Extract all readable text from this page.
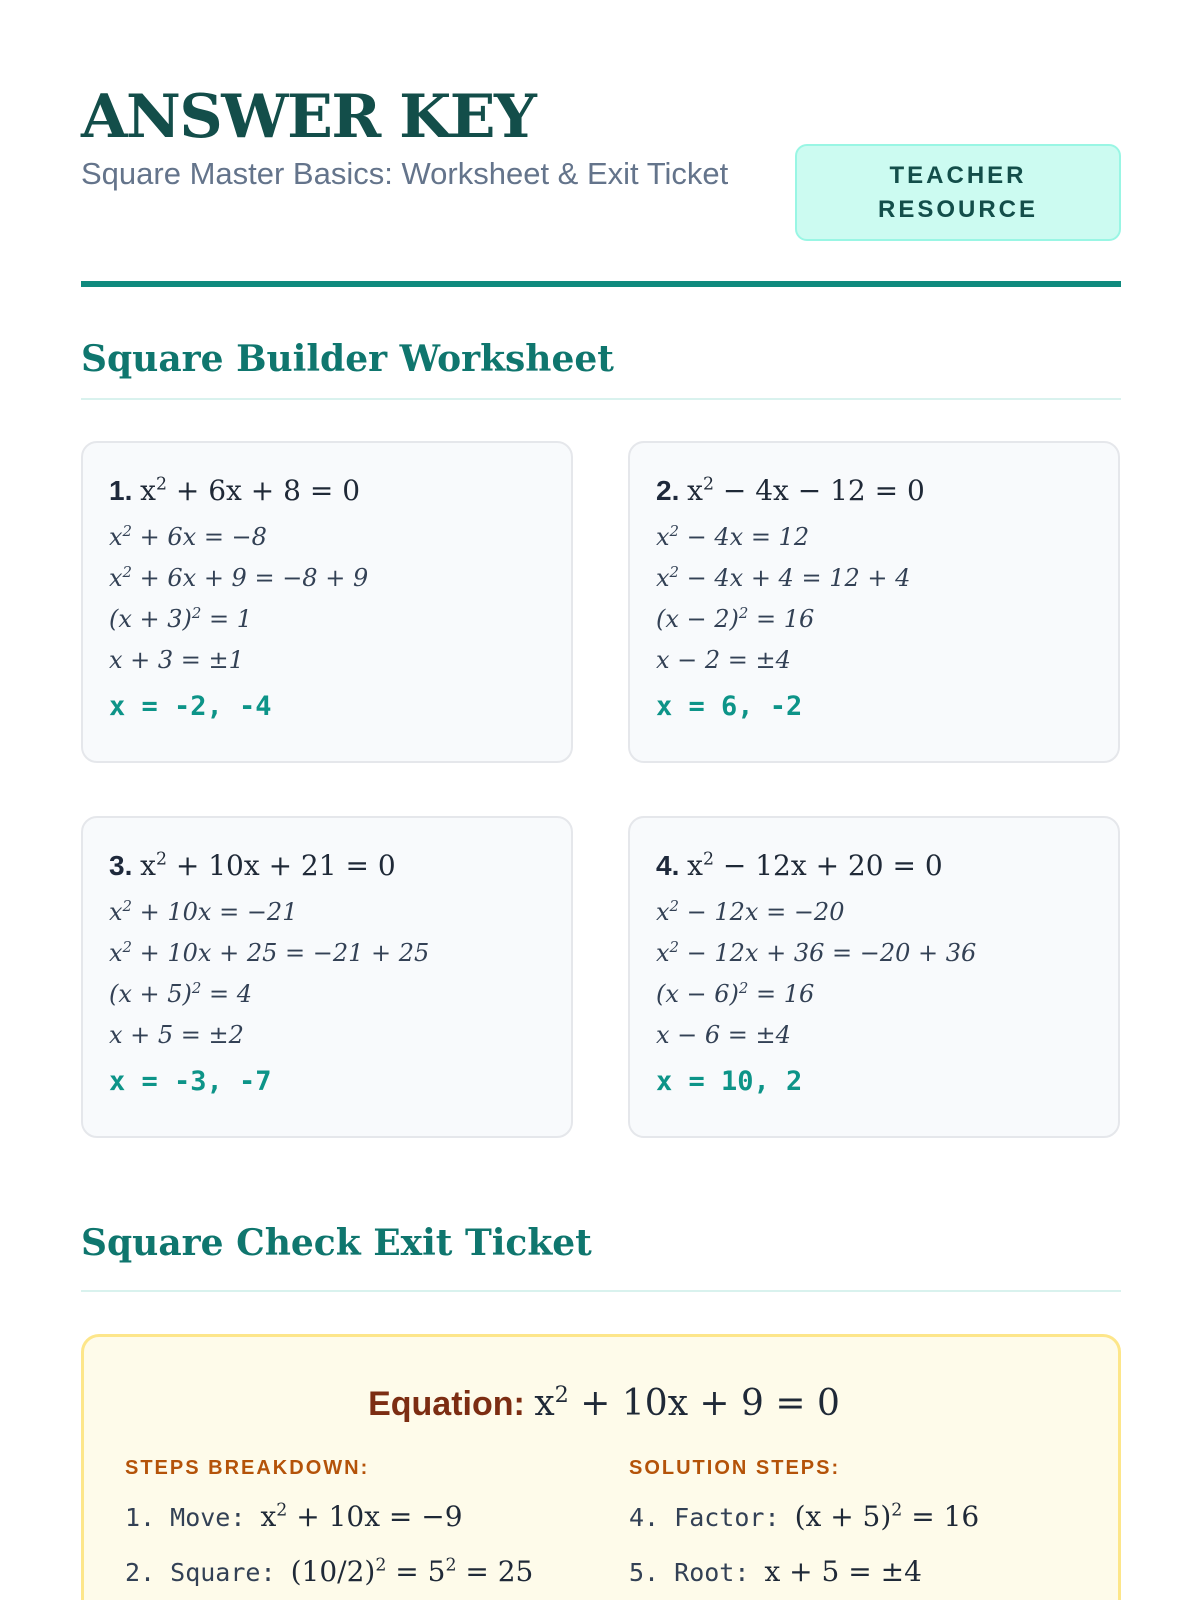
ANSWER KEY
Square Master Basics: Worksheet & Exit Ticket	TEACHER RESOURCE
Square Builder Worksheet
1. $x^2 + 6x + 8 = 0$
$x^2 + 6x = -8$
$x^2 + 6x + 9 = -8 + 9$
$(x + 3)^2 = 1$
x + 3 = ±1
x = -2, -4
2. $x^2 - 4x - 12 = 0$
$x^2 - 4x = 12$
$x^2 - 4x + 4 = 12 + 4$
$(x - 2)^2 = 16$
x − 2 = ±4
x = 6, -2
3. $x^2 + 10x + 21 = 0$
$x^2 + 10x = -21$
$x^2 + 10x + 25 = -21 + 25$
$(x + 5)^2 = 4$
x + 5 = ±2
x = -3, -7
4. $x^2 - 12x + 20 = 0$
$x^2 - 12x = -20$
$x^2 - 12x + 36 = -20 + 36$
$(x - 6)^2 = 16$
x − 6 = ±4
x = 10, 2
Square Check Exit Ticket
Equation: $x^2 + 10x + 9 = 0$
STEPS BREAKDOWN:
1. Move: $x^2 + 10x = -9$
2. Square: $(10/2)^2 = 5^2 = 25$
SOLUTION STEPS:
4. Factor: $(x + 5)^2 = 16$
5. Root: x + 5 = ±4
